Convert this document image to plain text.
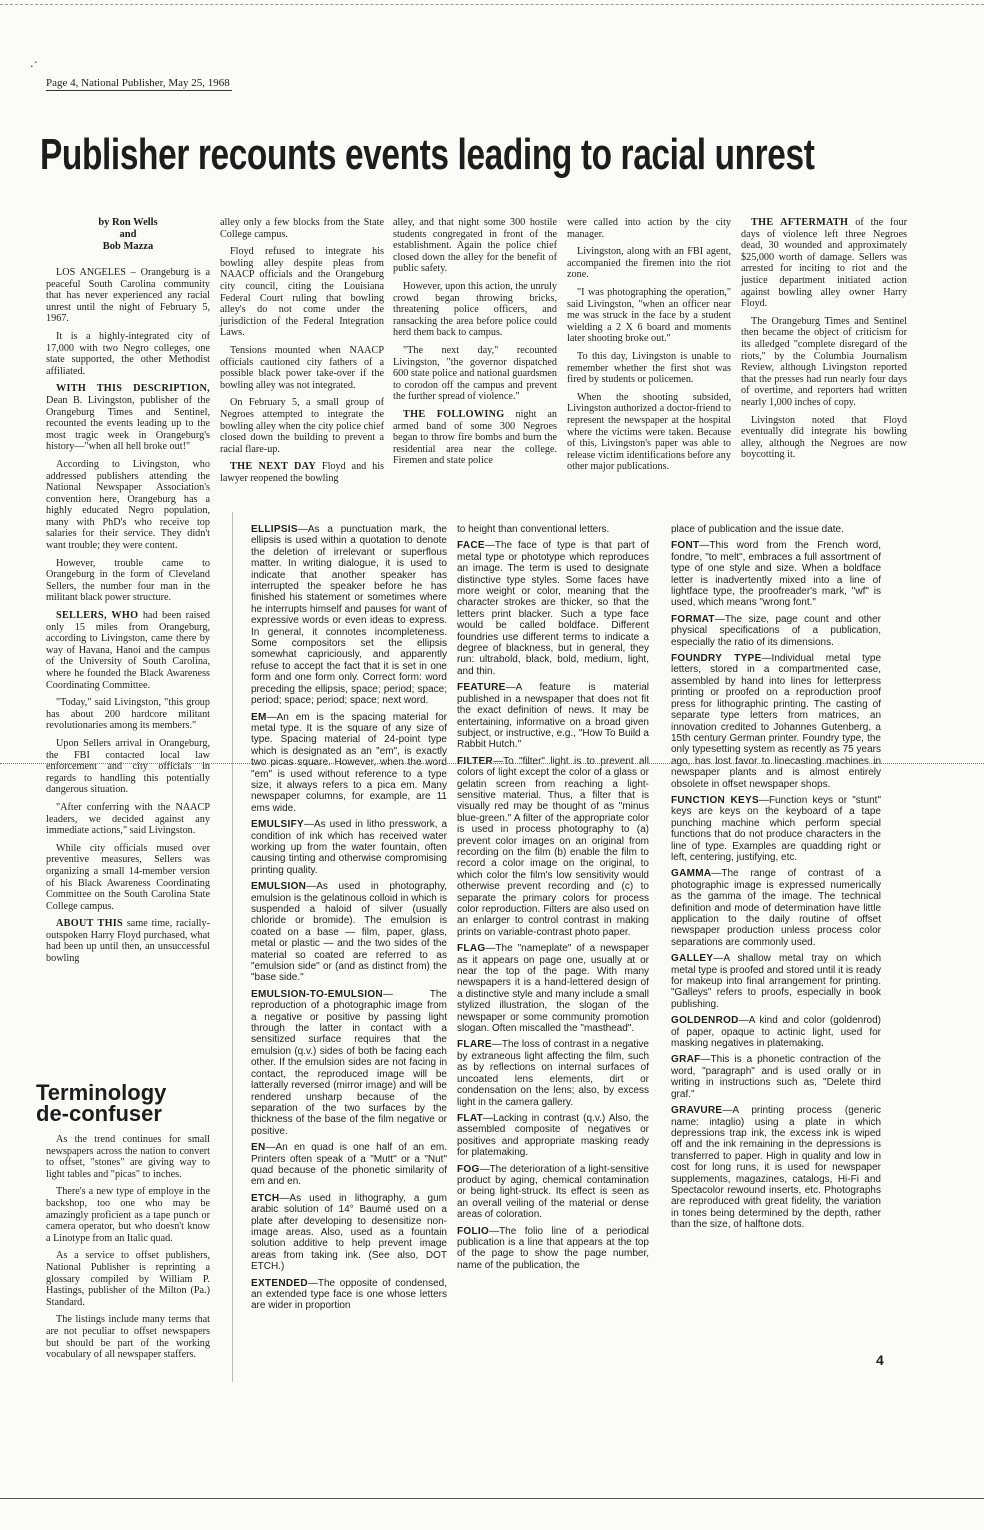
.·
Page 4, National Publisher, May 25, 1968
Publisher recounts events leading to racial unrest
by Ron Wells
and
Bob Mazza

LOS ANGELES – Orangeburg is a peaceful South Carolina community that has never experienced any racial unrest until the night of February 5, 1967.

It is a highly-integrated city of 17,000 with two Negro colleges, one state supported, the other Methodist affiliated.

WITH THIS DESCRIPTION, Dean B. Livingston, publisher of the Orangeburg Times and Sentinel, recounted the events leading up to the most tragic week in Orangeburg's history—"when all hell broke out!"

According to Livingston, who addressed publishers attending the National Newspaper Association's convention here, Orangeburg has a highly educated Negro population, many with PhD's who receive top salaries for their service. They didn't want trouble; they were content.

However, trouble came to Orangeburg in the form of Cleveland Sellers, the number four man in the militant black power structure.

SELLERS, WHO had been raised only 15 miles from Orangeburg, according to Livingston, came there by way of Havana, Hanoi and the campus of the University of South Carolina, where he founded the Black Awareness Coordinating Committee.

"Today," said Livingston, "this group has about 200 hardcore militant revolutionaries among its members."

Upon Sellers arrival in Orangeburg, the FBI contacted local law enforcement and city officials in regards to handling this potentially dangerous situation.

"After conferring with the NAACP leaders, we decided against any immediate actions," said Livingston.

While city officials mused over preventive measures, Sellers was organizing a small 14-member version of his Black Awareness Coordinating Committee on the South Carolina State College campus.

ABOUT THIS same time, racially-outspoken Harry Floyd purchased, what had been up until then, an unsuccessful bowling

alley only a few blocks from the State College campus.

Floyd refused to integrate his bowling alley despite pleas from NAACP officials and the Orangeburg city council, citing the Louisiana Federal Court ruling that bowling alley's do not come under the jurisdiction of the Federal Integration Laws.

Tensions mounted when NAACP officials cautioned city fathers of a possible black power take-over if the bowling alley was not integrated.

On February 5, a small group of Negroes attempted to integrate the bowling alley when the city police chief closed down the building to prevent a racial flare-up.

THE NEXT DAY Floyd and his lawyer reopened the bowling

alley, and that night some 300 hostile students congregated in front of the establishment. Again the police chief closed down the alley for the benefit of public safety.

However, upon this action, the unruly crowd began throwing bricks, threatening police officers, and ransacking the area before police could herd them back to campus.

"The next day," recounted Livingston, "the governor dispatched 600 state police and national guardsmen to corodon off the campus and prevent the further spread of violence."

THE FOLLOWING night an armed band of some 300 Negroes began to throw fire bombs and burn the residential area near the college. Firemen and state police

were called into action by the city manager.

Livingston, along with an FBI agent, accompanied the firemen into the riot zone.

"I was photographing the operation," said Livingston, "when an officer near me was struck in the face by a student wielding a 2 X 6 board and moments later shooting broke out."

To this day, Livingston is unable to remember whether the first shot was fired by students or policemen.

When the shooting subsided, Livingston authorized a doctor-friend to represent the newspaper at the hospital where the victims were taken. Because of this, Livingston's paper was able to release victim identifications before any other major publications.

THE AFTERMATH of the four days of violence left three Negroes dead, 30 wounded and approximately $25,000 worth of damage. Sellers was arrested for inciting to riot and the justice department initiated action against bowling alley owner Harry Floyd.

The Orangeburg Times and Sentinel then became the object of criticism for its alledged "complete disregard of the riots," by the Columbia Journalism Review, although Livingston reported that the presses had run nearly four days of overtime, and reporters had written nearly 1,000 inches of copy.

Livingston noted that Floyd eventually did integrate his bowling alley, although the Negroes are now boycotting it.

Terminology
de-confuser

As the trend continues for small newspapers across the nation to convert to offset, "stones" are giving way to light tables and "picas" to inches.

There's a new type of employe in the backshop, too one who may be amazingly proficient as a tape punch or camera operator, but who doesn't know a Linotype from an Italic quad.

As a service to offset publishers, National Publisher is reprinting a glossary compiled by William P. Hastings, publisher of the Milton (Pa.) Standard.

The listings include many terms that are not peculiar to offset newspapers but should be part of the working vocabulary of all newspaper staffers.

ELLIPSIS—As a punctuation mark, the ellipsis is used within a quotation to denote the deletion of irrelevant or superflous matter. In writing dialogue, it is used to indicate that another speaker has interrupted the speaker before he has finished his statement or sometimes where he interrupts himself and pauses for want of expressive words or even ideas to express. In general, it connotes incompleteness. Some compositors set the ellipsis somewhat capriciously, and apparently refuse to accept the fact that it is set in one form and one form only. Correct form: word preceding the ellipsis, space; period; space; period; space; period; space; next word.

EM—An em is the spacing material for metal type. It is the square of any size of type. Spacing material of 24-point type which is designated as an "em", is exactly two picas square. However, when the word "em" is used without reference to a type size, it always refers to a pica em. Many newspaper columns, for example, are 11 ems wide.

EMULSIFY—As used in litho presswork, a condition of ink which has received water working up from the water fountain, often causing tinting and otherwise compromising printing quality.

EMULSION—As used in photography, emulsion is the gelatinous colloid in which is suspended a haloid of silver (usually chloride or bromide). The emulsion is coated on a base — film, paper, glass, metal or plastic — and the two sides of the material so coated are referred to as "emulsion side" or (and as distinct from) the "base side."

EMULSION-TO-EMULSION— The reproduction of a photographic image from a negative or positive by passing light through the latter in contact with a sensitized surface requires that the emulsion (q.v.) sides of both be facing each other. If the emulsion sides are not facing in contact, the reproduced image will be latterally reversed (mirror image) and will be rendered unsharp because of the separation of the two surfaces by the thickness of the base of the film negative or positive.

EN—An en quad is one half of an em. Printers often speak of a "Mutt" or a "Nut" quad because of the phonetic similarity of em and en.

ETCH—As used in lithography, a gum arabic solution of 14° Baumé used on a plate after developing to desensitize non-image areas. Also, used as a fountain solution additive to help prevent image areas from taking ink. (See also, DOT ETCH.)

EXTENDED—The opposite of condensed, an extended type face is one whose letters are wider in proportion

to height than conventional letters.

FACE—The face of type is that part of metal type or phototype which reproduces an image. The term is used to designate distinctive type styles. Some faces have more weight or color, meaning that the character strokes are thicker, so that the letters print blacker. Such a type face would be called boldface. Different foundries use different terms to indicate a degree of blackness, but in general, they run: ultrabold, black, bold, medium, light, and thin.

FEATURE—A feature is material published in a newspaper that does not fit the exact definition of news. It may be entertaining, informative on a broad given subject, or instructive, e.g., "How To Build a Rabbit Hutch."

FILTER—To "filter" light is to prevent all colors of light except the color of a glass or gelatin screen from reaching a light-sensitive material. Thus, a filter that is visually red may be thought of as "minus blue-green." A filter of the appropriate color is used in process photography to (a) prevent color images on an original from recording on the film (b) enable the film to record a color image on the original, to which color the film's low sensitivity would otherwise prevent recording and (c) to separate the primary colors for process color reproduction. Filters are also used on an enlarger to control contrast in making prints on variable-contrast photo paper.

FLAG—The "nameplate" of a newspaper as it appears on page one, usually at or near the top of the page. With many newspapers it is a hand-lettered design of a distinctive style and many include a small stylized illustration, the slogan of the newspaper or some community promotion slogan. Often miscalled the "masthead".

FLARE—The loss of contrast in a negative by extraneous light affecting the film, such as by reflections on internal surfaces of uncoated lens elements, dirt or condensation on the lens; also, by excess light in the camera gallery.

FLAT—Lacking in contrast (q.v.) Also, the assembled composite of negatives or positives and appropriate masking ready for platemaking.

FOG—The deterioration of a light-sensitive product by aging, chemical contamination or being light-struck. Its effect is seen as an overall veiling of the material or dense areas of coloration.

FOLIO—The folio line of a periodical publication is a line that appears at the top of the page to show the page number, name of the publication, the

place of publication and the issue date.

FONT—This word from the French word, fondre, "to melt", embraces a full assortment of type of one style and size. When a boldface letter is inadvertently mixed into a line of lightface type, the proofreader's mark, "wf" is used, which means "wrong font."

FORMAT—The size, page count and other physical specifications of a publication, especially the ratio of its dimensions.

FOUNDRY TYPE—Individual metal type letters, stored in a compartmented case, assembled by hand into lines for letterpress printing or proofed on a reproduction proof press for lithographic printing. The casting of separate type letters from matrices, an innovation credited to Johannes Gutenberg, a 15th century German printer. Foundry type, the only typesetting system as recently as 75 years ago, has lost favor to linecasting machines in newspaper plants and is almost entirely obsolete in offset newspaper shops.

FUNCTION KEYS—Function keys or "stunt" keys are keys on the keyboard of a tape punching machine which perform special functions that do not produce characters in the line of type. Examples are quadding right or left, centering, justifying, etc.

GAMMA—The range of contrast of a photographic image is expressed numerically as the gamma of the image. The technical definition and mode of determination have little application to the daily routine of offset newspaper production unless process color separations are commonly used.

GALLEY—A shallow metal tray on which metal type is proofed and stored until it is ready for makeup into final arrangement for printing. "Galleys" refers to proofs, especially in book publishing.

GOLDENROD—A kind and color (goldenrod) of paper, opaque to actinic light, used for masking negatives in platemaking.

GRAF—This is a phonetic contraction of the word, "paragraph" and is used orally or in writing in instructions such as, "Delete third graf."

GRAVURE—A printing process (generic name: intaglio) using a plate in which depressions trap ink, the excess ink is wiped off and the ink remaining in the depressions is transferred to paper. High in quality and low in cost for long runs, it is used for newspaper supplements, magazines, catalogs, Hi-Fi and Spectacolor rewound inserts, etc. Photographs are reproduced with great fidelity, the variation in tones being determined by the depth, rather than the size, of halftone dots.

4
